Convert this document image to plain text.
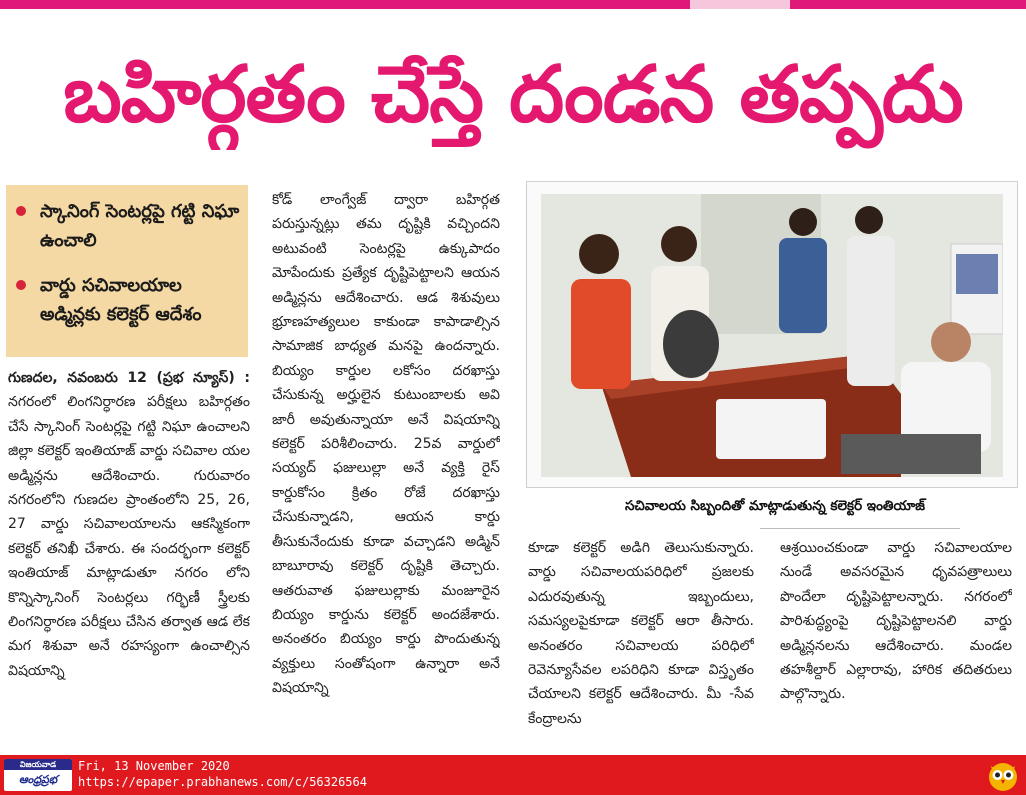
బహిర్గతం చేస్తే దండన తప్పదు
స్కానింగ్ సెంటర్లపై గట్టి నిఘా ఉంచాలి
వార్డు సచివాలయాల అడ్మిన్లకు కలెక్టర్ ఆదేశం

గుణదల, నవంబరు 12 (ప్రభ న్యూస్) : నగరంలో లింగనిర్ధారణ పరీక్షలు బహిర్గతం చేసే స్కానింగ్ సెంటర్లపై గట్టి నిఘా ఉంచాలని జిల్లా కలెక్టర్ ఇంతియాజ్ వార్డు సచివాల యల అడ్మిన్లను ఆదేశించారు. గురువారం నగరంలోని గుణదల ప్రాంతంలోని 25, 26, 27 వార్డు సచివాలయాలను ఆకస్మికంగా కలెక్టర్ తనిఖీ చేశారు. ఈ సందర్భంగా కలెక్టర్ ఇంతియాజ్ మాట్లాడుతూ నగరం లోని కొన్నిస్కానింగ్ సెంటర్లలు గర్భిణీ స్త్రీలకు లింగనిర్ధారణ పరీక్షలు చేసిన తర్వాత ఆడ లేక మగ శిశువా అనే రహస్యంగా ఉంచాల్సిన విషయాన్ని

కోడ్ లాంగ్వేజ్ ద్వారా బహిర్గత పరుస్తున్నట్లు తమ దృష్టికి వచ్చిందని అటువంటి సెంటర్లపై ఉక్కుపాదం మోపేందుకు ప్రత్యేక దృష్టిపెట్టాలని ఆయన అడ్మిన్లను ఆదేశించారు. ఆడ శిశువులు భ్రూణహత్యలుల కాకుండా కాపాడాల్సిన సామాజిక బాధ్యత మనపై ఉందన్నారు. బియ్యం కార్డుల లకోసం దరఖాస్తు చేసుకున్న అర్హులైన కుటుంబాలకు అవి జారీ అవుతున్నాయా అనే విషయాన్ని కలెక్టర్ పరిశీలించారు. 25వ వార్డులో సయ్యద్ ఫజులుల్లా అనే వ్యక్తి రైస్ కార్డుకోసం క్రితం రోజే దరఖాస్తు చేసుకున్నాడని, ఆయన కార్డు తీసుకునేందుకు కూడా వచ్చాడని అడ్మిన్ బాబూరావు కలెక్టర్ దృష్టికి తెచ్చారు. ఆతరువాత ఫజులుల్లాకు మంజూరైన బియ్యం కార్డును కలెక్టర్ అందజేశారు. అనంతరం బియ్యం కార్డు పొందుతున్న వ్యక్తులు సంతోషంగా ఉన్నారా అనే విషయాన్ని

సచివాలయ సిబ్బందితో మాట్లాడుతున్న కలెక్టర్ ఇంతియాజ్

కూడా కలెక్టర్ అడిగి తెలుసుకున్నారు. వార్డు సచివాలయపరిధిలో ప్రజలకు ఎదురవుతున్న ఇబ్బందులు, సమస్యలపైకూడా కలెక్టర్ ఆరా తీసారు. అనంతరం సచివాలయ పరిధిలో రెవెన్యూసేవల లపరిధిని కూడా విస్తృతం చేయాలని కలెక్టర్ ఆదేశించారు. మీ -సేవ కేంద్రాలను

ఆశ్రయించకుండా వార్డు సచివాలయాల నుండే అవసరమైన ధృవపత్రాలులు పొందేలా దృష్టిపెట్టాలన్నారు. నగరంలో పారిశుద్ధ్యంపై దృష్టిపెట్టాలనలి వార్డు అడ్మిన్లనలను ఆదేశించారు. మండల తహశీల్దార్ ఎల్లారావు, హారిక తదితరులు పాల్గొన్నారు.

విజయవాడ
ఆంధ్రప్రభ
Fri, 13 November 2020
https://epaper.prabhanews.com/c/56326564
